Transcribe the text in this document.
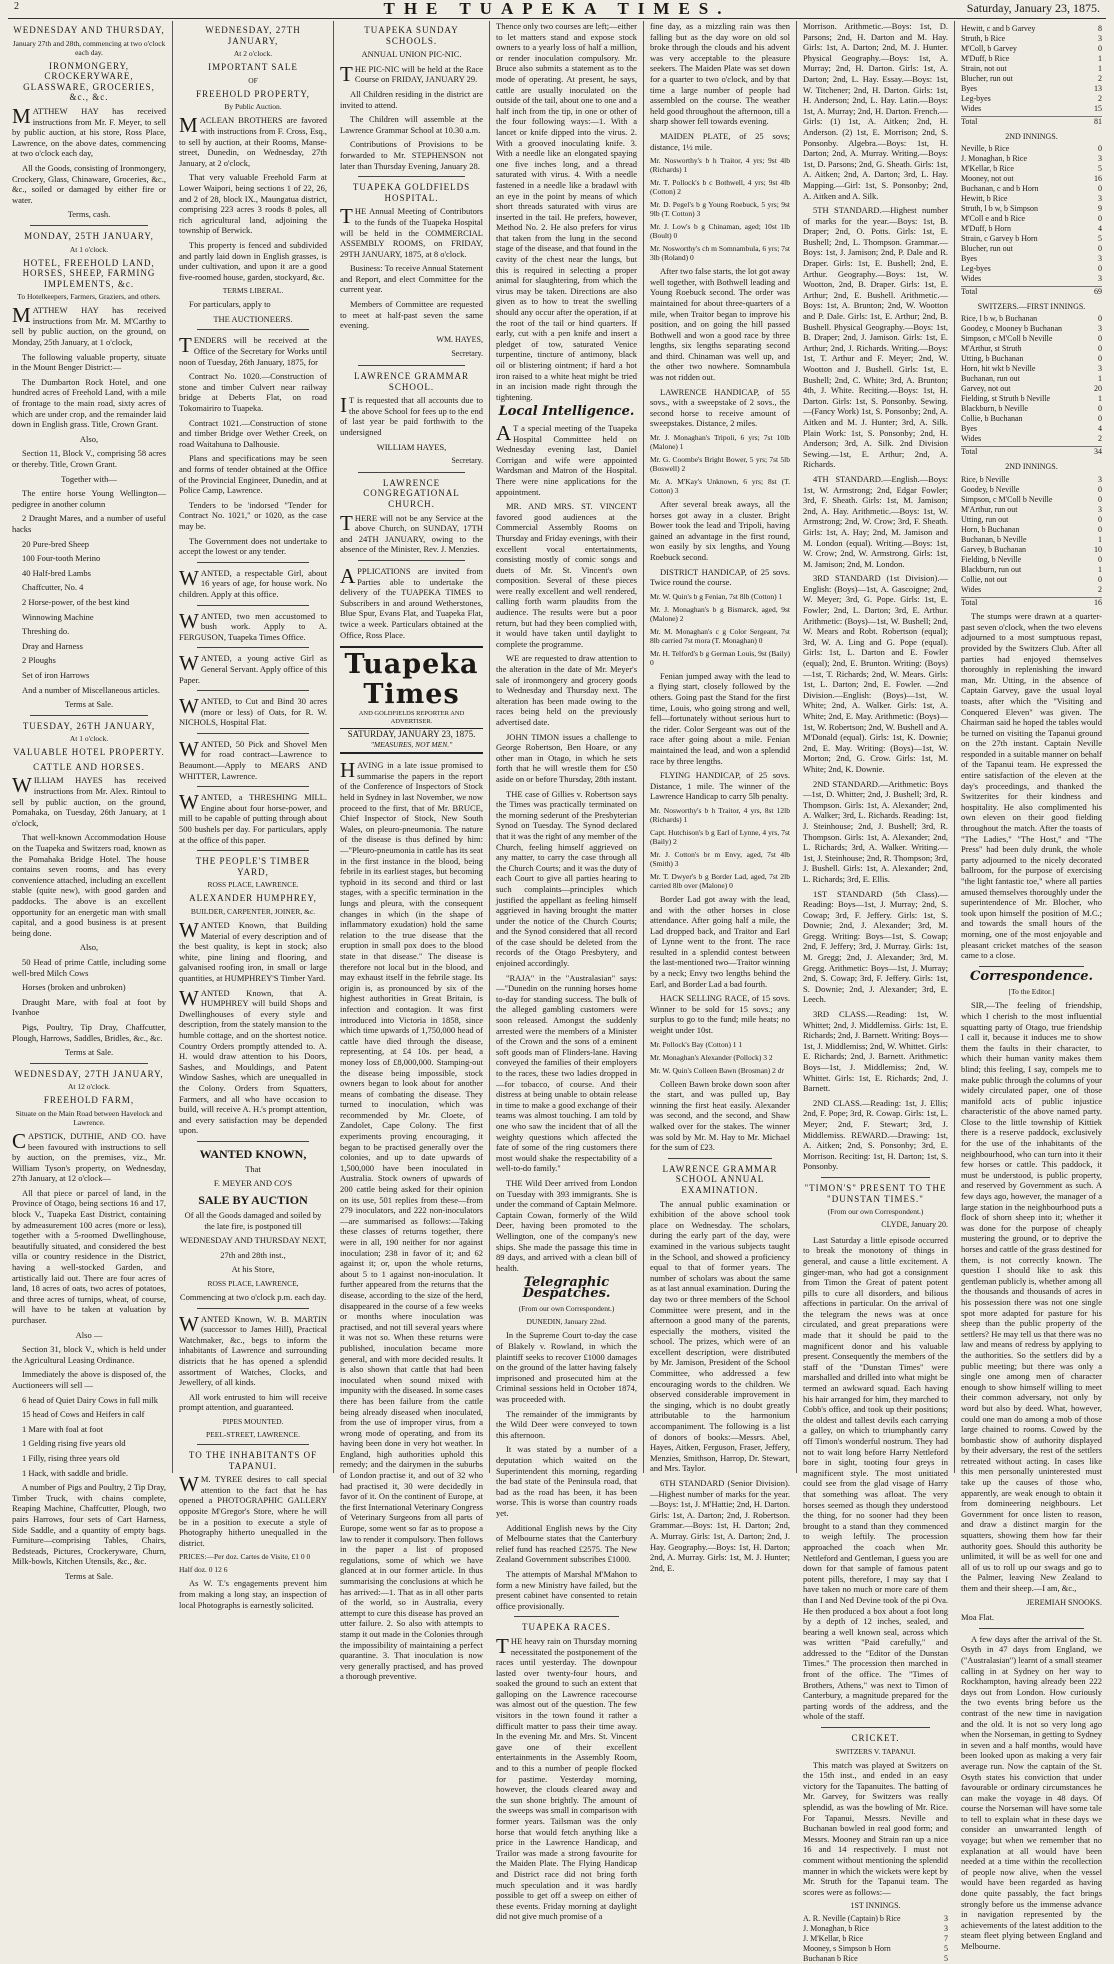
2	THE TUAPEKA TIMES.	Saturday, January 23, 1875.

WEDNESDAY AND THURSDAY,

January 27th and 28th, commencing at two o'clock each day.

IRONMONGERY, CROCKERYWARE, GLASSWARE, GROCERIES, &c., &c.

MATTHEW HAY has received instructions from Mr. F. Meyer, to sell by public auction, at his store, Ross Place, Lawrence, on the above dates, commencing at two o'clock each day,

All the Goods, consisting of Ironmongery, Crockery, Glass, Chinaware, Groceries, &c., &c., soiled or damaged by either fire or water.

Terms, cash.

MONDAY, 25TH JANUARY,

At 1 o'clock.

HOTEL, FREEHOLD LAND, HORSES, SHEEP, FARMING IMPLEMENTS, &c.

To Hotelkeepers, Farmers, Graziers, and others.

MATTHEW HAY has received instructions from Mr. M. M'Carthy to sell by public auction, on the ground, on Monday, 25th January, at 1 o'clock,

The following valuable property, situate in the Mount Benger District:—

The Dumbarton Rock Hotel, and one hundred acres of Freehold Land, with a mile of frontage to the main road, sixty acres of which are under crop, and the remainder laid down in English grass. Title, Crown Grant.

Also,

Section 11, Block V., comprising 58 acres or thereby. Title, Crown Grant.

Together with—

The entire horse Young Wellington—pedigree in another column

2 Draught Mares, and a number of useful hacks

20 Pure-bred Sheep

100 Four-tooth Merino

40 Half-bred Lambs

Chaffcutter, No. 4

2 Horse-power, of the best kind

Winnowing Machine

Threshing do.

Dray and Harness

2 Ploughs

Set of iron Harrows

And a number of Miscellaneous articles.

Terms at Sale.

TUESDAY, 26TH JANUARY,

At 1 o'clock.

VALUABLE HOTEL PROPERTY.

CATTLE AND HORSES.

WILLIAM HAYES has received instructions from Mr. Alex. Rintoul to sell by public auction, on the ground, Pomahaka, on Tuesday, 26th January, at 1 o'clock,

That well-known Accommodation House on the Tuapeka and Switzers road, known as the Pomahaka Bridge Hotel. The house contains seven rooms, and has every convenience attached, including an excellent stable (quite new), with good garden and paddocks. The above is an excellent opportunity for an energetic man with small capital, and a good business is at present being done.

Also,

50 Head of prime Cattle, including some well-bred Milch Cows

Horses (broken and unbroken)

Draught Mare, with foal at foot by Ivanhoe

Pigs, Poultry, Tip Dray, Chaffcutter, Plough, Harrows, Saddles, Bridles, &c., &c.

Terms at Sale.

WEDNESDAY, 27TH JANUARY,

At 12 o'clock.

FREEHOLD FARM,

Situate on the Main Road between Havelock and Lawrence.

CAPSTICK, DUTHIE, AND CO. have been favoured with instructions to sell by auction, on the premises, viz., Mr. William Tyson's property, on Wednesday, 27th January, at 12 o'clock—

All that piece or parcel of land, in the Province of Otago, being sections 16 and 17, block V., Tuapeka East District, containing by admeasurement 100 acres (more or less), together with a 5-roomed Dwellinghouse, beautifully situated, and considered the best villa or country residence in the District, having a well-stocked Garden, and artistically laid out. There are four acres of land, 18 acres of oats, two acres of potatoes, and three acres of turnips, wheat, of course, will have to be taken at valuation by purchaser.

Also —

Section 31, block V., which is held under the Agricultural Leasing Ordinance.

Immediately the above is disposed of, the Auctioneers will sell —

6 head of Quiet Dairy Cows in full milk

15 head of Cows and Heifers in calf

1 Mare with foal at foot

1 Gelding rising five years old

1 Filly, rising three years old

1 Hack, with saddle and bridle.

A number of Pigs and Poultry, 2 Tip Dray, Timber Truck, with chains complete, Reaping Machine, Chaffcutter, Plough, two pairs Harrows, four sets of Cart Harness, Side Saddle, and a quantity of empty bags. Furniture—comprising Tables, Chairs, Bedsteads, Pictures, Crockeryware, Churn, Milk-bowls, Kitchen Utensils, &c., &c.

Terms at Sale.

WEDNESDAY, 27TH JANUARY,

At 2 o'clock.

IMPORTANT SALE

OF

FREEHOLD PROPERTY,

By Public Auction.

MACLEAN BROTHERS are favored with instructions from F. Cross, Esq., to sell by auction, at their Rooms, Manse-street, Dunedin, on Wednesday, 27th January, at 2 o'clock,

That very valuable Freehold Farm at Lower Waipori, being sections 1 of 22, 26, and 2 of 28, block IX., Maungatua district, comprising 223 acres 3 roods 8 poles, all rich agricultural land, adjoining the township of Berwick.

This property is fenced and subdivided and partly laid down in English grasses, is under cultivation, and upon it are a good five-roomed house, garden, stockyard, &c.

TERMS LIBERAL.

For particulars, apply to

THE AUCTIONEERS.

TENDERS will be received at the Office of the Secretary for Works until noon of Tuesday, 26th January, 1875, for

Contract No. 1020.—Construction of stone and timber Culvert near railway bridge at Deberts Flat, on road Tokomairiro to Tuapeka.

Contract 1021.—Construction of stone and timber Bridge over Wether Creek, on road Waitahuna to Dalhousie.

Plans and specifications may be seen and forms of tender obtained at the Office of the Provincial Engineer, Dunedin, and at Police Camp, Lawrence.

Tenders to be 'indorsed "Tender for Contract No. 1021," or 1020, as the case may be.

The Government does not undertake to accept the lowest or any tender.

WANTED, a respectable Girl, about 16 years of age, for house work. No children. Apply at this office.

WANTED, two men accustomed to bush work. Apply to A. FERGUSON, Tuapeka Times Office.

WANTED, a young active Girl as General Servant. Apply office of this Paper.

WANTED, to Cut and Bind 30 acres (more or less) of Oats, for R. W. NICHOLS, Hospital Flat.

WANTED, 50 Pick and Shovel Men for road contract—Lawrence to Beaumont.—Apply to MEARS AND WHITTER, Lawrence.

WANTED, a THRESHING MILL. Engine about four horse-power, and mill to be capable of putting through about 500 bushels per day. For particulars, apply at the office of this paper.

THE PEOPLE'S TIMBER YARD,

ROSS PLACE, LAWRENCE.

ALEXANDER HUMPHREY,

BUILDER, CARPENTER, JOINER, &c.

WANTED Known, that Building Material of every description and of the best quality, is kept in stock; also white, pine lining and flooring, and galvanised roofing iron, in small or large quantities, at HUMPHREY'S Timber Yard.

WANTED Known, that A. HUMPHREY will build Shops and Dwellinghouses of every style and description, from the stately mansion to the humble cottage, and on the shortest notice. Country Orders promptly attended to. A. H. would draw attention to his Doors, Sashes, and Mouldings, and Patent Window Sashes, which are unequalled in the Colony. Orders from Squatters, Farmers, and all who have occasion to build, will receive A. H.'s prompt attention, and every satisfaction may be depended upon.

WANTED KNOWN,

That

F. MEYER AND CO'S

SALE BY AUCTION

Of all the Goods damaged and soiled by the late fire, is postponed till

WEDNESDAY AND THURSDAY NEXT,

27th and 28th inst.,

At his Store,

ROSS PLACE, LAWRENCE,

Commencing at two o'clock p.m. each day.

WANTED Known, W. B. MARTIN (successor to James Hill), Practical Watchmaker, &c., begs to inform the inhabitants of Lawrence and surrounding districts that he has opened a splendid assortment of Watches, Clocks, and Jewellery, of all kinds.

All work entrusted to him will receive prompt attention, and guaranteed.

PIPES MOUNTED.

PEEL-STREET, LAWRENCE.

TO THE INHABITANTS OF TAPANUI.

WM. TYREE desires to call special attention to the fact that he has opened a PHOTOGRAPHIC GALLERY opposite M'Gregor's Store, where he will be in a position to execute a style of Photography hitherto unequalled in the district.

PRICES:—Per doz. Cartes de Visite, £1 0 0

Half doz. 0 12 6

As W. T.'s engagements prevent him from making a long stay, an inspection of local Photographs is earnestly solicited.

TUAPEKA SUNDAY SCHOOLS.

ANNUAL UNION PIC-NIC.

THE PIC-NIC will be held at the Race Course on FRIDAY, JANUARY 29.

All Children residing in the district are invited to attend.

The Children will assemble at the Lawrence Grammar School at 10.30 a.m.

Contributions of Provisions to be forwarded to Mr. STEPHENSON not later than Thursday Evening, January 28.

TUAPEKA GOLDFIELDS HOSPITAL.

THE Annual Meeting of Contributors to the funds of the Tuapeka Hospital will be held in the COMMERCIAL ASSEMBLY ROOMS, on FRIDAY, 29TH JANUARY, 1875, at 8 o'clock.

Business: To receive Annual Statement and Report, and elect Committee for the current year.

Members of Committee are requested to meet at half-past seven the same evening.

WM. HAYES,

Secretary.

LAWRENCE GRAMMAR SCHOOL.

IT is requested that all accounts due to the above School for fees up to the end of last year be paid forthwith to the undersigned

WILLIAM HAYES,

Secretary.

LAWRENCE CONGREGATIONAL CHURCH.

THERE will not be any Service at the above Church, on SUNDAY, 17TH and 24TH JANUARY, owing to the absence of the Minister, Rev. J. Menzies.

APPLICATIONS are invited from Parties able to undertake the delivery of the TUAPEKA TIMES to Subscribers in and around Wetherstones, Blue Spur, Evans Flat, and Tuapeka Flat, twice a week. Particulars obtained at the Office, Ross Place.

Tuapeka Times
AND GOLDFIELDS REPORTER AND ADVERTISER.
SATURDAY, JANUARY 23, 1875.
"MEASURES, NOT MEN."

HAVING in a late issue promised to summarise the papers in the report of the Conference of Inspectors of Stock held in Sydney in last November, we now proceed to the first, that of Mr. BRUCE, Chief Inspector of Stock, New South Wales, on pleuro-pneumonia. The nature of the disease is thus defined by him:—"Pleuro-pneumonia in cattle has its seat in the first instance in the blood, being febrile in its earliest stages, but becoming typhoid in its second and third or last stages, with a specific termination in the lungs and pleura, with the consequent changes in which (in the shape of inflammatory exudation) hold the same relation to the true disease that the eruption in small pox does to the blood state in that disease." The disease is therefore not local but in the blood, and may exhaust itself in the febrile stage. Its origin is, as pronounced by six of the highest authorities in Great Britain, is infection and contagion. It was first introduced into Victoria in 1858, since which time upwards of 1,750,000 head of cattle have died through the disease, representing, at £4 10s. per head, a money loss of £8,000,000. Stamping-out the disease being impossible, stock owners began to look about for another means of combating the disease. They turned to inoculation, which was recommended by Mr. Cloete, of Zandolet, Cape Colony. The first experiments proving encouraging, it began to be practised generally over the colonies, and up to date upwards of 1,500,000 have been inoculated in Australia. Stock owners of upwards of 200 cattle being asked for their opinion on its use, 501 replies from these—from 279 inoculators, and 222 non-inoculators—are summarised as follows:—Taking these classes of returns together, there were in all, 190 neither for nor against inoculation; 238 in favor of it; and 62 against it; or, upon the whole returns, about 5 to 1 against non-inoculation. It further appeared from the returns that the disease, according to the size of the herd, disappeared in the course of a few weeks or months where inoculation was practised, and not till several years where it was not so. When these returns were published, inoculation became more general, and with more decided results. It is also shown that cattle that had been inoculated when sound mixed with impunity with the diseased. In some cases there has been failure from the cattle being already diseased when inoculated, from the use of improper virus, from a wrong mode of operating, and from its having been done in very hot weather. In England, high authorities uphold this remedy; and the dairymen in the suburbs of London practise it, and out of 32 who had practised it, 30 were decidedly in favor of it. On the continent of Europe, at the first International Veterinary Congress of Veterinary Surgeons from all parts of Europe, some went so far as to propose a law to render it compulsory. Then follows in the paper a list of proposed regulations, some of which we have glanced at in our former article. In thus summarising the conclusions at which he has arrived:—1. That as in all other parts of the world, so in Australia, every attempt to cure this disease has proved an utter failure. 2. So also with attempts to stamp it out made in the Colonies through the impossibility of maintaining a perfect quarantine. 3. That inoculation is now very generally practised, and has proved a thorough preventive.

Thence only two courses are left;—either to let matters stand and expose stock owners to a yearly loss of half a million, or render inoculation compulsory. Mr. Bruce also submits a statement as to the mode of operating. At present, he says, cattle are usually inoculated on the outside of the tail, about one to one and a half inch from the tip, in one or other of the four following ways:—1. With a lancet or knife dipped into the virus. 2. With a grooved inoculating knife. 3. With a needle like an elongated spaying one five inches long, and a thread saturated with virus. 4. With a needle fastened in a needle like a bradawl with an eye in the point by means of which short threads saturated with virus are inserted in the tail. He prefers, however, Method No. 2. He also prefers for virus that taken from the lung in the second stage of the disease, and that found in the cavity of the chest near the lungs, but this is required in selecting a proper animal for slaughtering, from which the virus may be taken. Directions are also given as to how to treat the swelling should any occur after the operation, if at the root of the tail or hind quarters. If early, cut with a pen knife and insert a pledget of tow, saturated Venice turpentine, tincture of antimony, black oil or blistering ointment; if hard a hot iron raised to a white heat might be tried in an incision made right through the tightening.

Local Intelligence.

AT a special meeting of the Tuapeka Hospital Committee held on Wednesday evening last, Daniel Corrigan and wife were appointed Wardsman and Matron of the Hospital. There were nine applications for the appointment.

MR. AND MRS. ST. VINCENT favored good audiences at the Commercial Assembly Rooms on Thursday and Friday evenings, with their excellent vocal entertainments, consisting mostly of comic songs and duets of Mr. St. Vincent's own composition. Several of these pieces were really excellent and well rendered, calling forth warm plaudits from the audience. The results were but a poor return, but had they been complied with, it would have taken until daylight to complete the programme.

WE are requested to draw attention to the alteration in the date of Mr. Meyer's sale of ironmongery and grocery goods to Wednesday and Thursday next. The alteration has been made owing to the races being held on the previously advertised date.

JOHN TIMON issues a challenge to George Robertson, Ben Hoare, or any other man in Otago, in which he sets forth that he will wrestle them for £50 aside on or before Thursday, 28th instant.

THE case of Gillies v. Robertson says the Times was practically terminated on the morning sederunt of the Presbyterian Synod on Tuesday. The Synod declared that it was the right of any member of the Church, feeling himself aggrieved on any matter, to carry the case through all the Church Courts; and it was the duty of each Court to give all parties hearing to such complaints—principles which justified the appellant as feeling himself aggrieved in having brought the matter under the notice of the Church Courts; and the Synod considered that all record of the case should be deleted from the records of the Otago Presbytery, and enjoined accordingly.

"RAJA" in the "Australasian" says:—"Dunedin on the running horses home to-day for standing success. The bulk of the alleged gambling customers were soon released. Amongst the suddenly arrested were the members of a Minister of the Crown and the sons of a eminent soft goods man of Flinders-lane. Having conveyed the families of their employers to the races, these two ladies dropped in—for tobacco, of course. And their distress at being unable to obtain release in time to make a good exchange of their teams was almost touching. I am told by one who saw the incident that of all the weighty questions which affected the fate of some of the ring customers there most would shake the respectability of a well-to-do family."

THE Wild Deer arrived from London on Tuesday with 393 immigrants. She is under the command of Captain Melmore. Captain Cowan, formerly of the Wild Deer, having been promoted to the Wellington, one of the company's new ships. She made the passage this time in 89 days, and arrived with a clean bill of health.

Telegraphic Despatches.

(From our own Correspondent.)

DUNEDIN, January 22nd.

In the Supreme Court to-day the case of Blakely v. Rowland, in which the plaintiff seeks to recover £1000 damages on the ground of the latter having falsely imprisoned and prosecuted him at the Criminal sessions held in October 1874, was proceeded with.

The remainder of the immigrants by the Wild Deer were conveyed to town this afternoon.

It was stated by a number of a deputation which waited on the Superintendent this morning, regarding the bad state of the Peninsula road, that bad as the road has been, it has been worse. This is worse than country roads yet.

Additional English news by the City of Melbourne states that the Canterbury relief fund has reached £2575. The New Zealand Government subscribes £1000.

The attempts of Marshal M'Mahon to form a new Ministry have failed, but the present cabinet have consented to retain office provisionally.

TUAPEKA RACES.

THE heavy rain on Thursday morning necessitated the postponement of the races until yesterday. The downpour lasted over twenty-four hours, and soaked the ground to such an extent that galloping on the Lawrence racecourse was almost out of the question. The few visitors in the town found it rather a difficult matter to pass their time away. In the evening Mr. and Mrs. St. Vincent gave one of their excellent entertainments in the Assembly Room, and to this a number of people flocked for pastime. Yesterday morning, however, the clouds cleared away and the sun shone brightly. The amount of the sweeps was small in comparison with former years. Tailsman was the only horse that would fetch anything like a price in the Lawrence Handicap, and Trailor was made a strong favourite for the Maiden Plate. The Flying Handicap and District race did not bring forth much speculation and it was hardly possible to get off a sweep on either of these events. Friday morning at daylight did not give much promise of a

fine day, as a mizzling rain was then falling but as the day wore on old sol broke through the clouds and his advent was very acceptable to the pleasure seekers. The Maiden Plate was set down for a quarter to two o'clock, and by that time a large number of people had assembled on the course. The weather held good throughout the afternoon, till a sharp shower fell towards evening.

MAIDEN PLATE, of 25 sovs; distance, 1½ mile.

Mr. Nosworthy's b h Traitor, 4 yrs; 9st 4lb (Richards) 1

Mr. T. Pollock's b c Bothwell, 4 yrs; 9st 4lb (Cotton) 2

Mr. D. Pegel's b g Young Roebuck, 5 yrs; 9st 9lb (T. Cotton) 3

Mr. J. Low's b g Chinaman, aged; 10st 1lb (Boult) 0

Mr. Nosworthy's ch m Somnambula, 6 yrs; 7st 3lb (Roland) 0

After two false starts, the lot got away well together, with Bothwell leading and Young Roebuck second. The order was maintained for about three-quarters of a mile, when Traitor began to improve his position, and on going the hill passed Bothwell and won a good race by three lengths, six lengths separating second and third. Chinaman was well up, and the other two nowhere. Somnambula was not ridden out.

LAWRENCE HANDICAP, of 55 sovs., with a sweepstake of 2 sovs., the second horse to receive amount of sweepstakes. Distance, 2 miles.

Mr. J. Monaghan's Tripoli, 6 yrs; 7st 10lb (Malone) 1

Mr. G. Coombe's Bright Bower, 5 yrs; 7st 5lb (Boswell) 2

Mr. A. M'Kay's Unknown, 6 yrs; 8st (T. Cotton) 3

After several break aways, all the horses got away in a cluster. Bright Bower took the lead and Tripoli, having gained an advantage in the first round, won easily by six lengths, and Young Roebuck second.

DISTRICT HANDICAP, of 25 sovs. Twice round the course.

Mr. W. Quin's b g Fenian, 7st 8lb (Cotton) 1

Mr. J. Monaghan's b g Bismarck, aged, 9st (Malone) 2

Mr. M. Monaghan's c g Color Sergeant, 7st 8lb carried 7st mora (T. Monaghan) 0

Mr. H. Telford's b g German Louis, 9st (Baily) 0

Fenian jumped away with the lead to a flying start, closely followed by the others. Going past the Stand for the first time, Louis, who going strong and well, fell—fortunately without serious hurt to the rider. Color Sergeant was out of the race after going about a mile. Fenian maintained the lead, and won a splendid race by three lengths.

FLYING HANDICAP, of 25 sovs. Distance, 1 mile. The winner of the Lawrence Handicap to carry 5lb penalty.

Mr. Nosworthy's b h Traitor, 4 yrs, 8st 12lb (Richards) 1

Capt. Hutchison's b g Earl of Lynne, 4 yrs, 7st (Baily) 2

Mr. J. Cotton's br m Envy, aged, 7st 4lb (Smith) 3

Mr. T. Dwyer's b g Border Lad, aged, 7st 2lb carried 8lb over (Malone) 0

Border Lad got away with the lead, and with the other horses in close attendance. After going half a mile, the Lad dropped back, and Traitor and Earl of Lynne went to the front. The race resulted in a splendid contest between the last-mentioned two—Traitor winning by a neck; Envy two lengths behind the Earl, and Border Lad a bad fourth.

HACK SELLING RACE, of 15 sovs. Winner to be sold for 15 sovs.; any surplus to go to the fund; mile heats; no weight under 10st.

Mr. Pollock's Bay (Cotton) 1 1

Mr. Monaghan's Alexander (Pollock) 3 2

Mr. W. Quin's Colleen Bawn (Brosman) 2 dr

Colleen Bawn broke down soon after the start, and was pulled up, Bay winning the first heat easily. Alexander was second, and the second, and Shaw walked over for the stakes. The winner was sold by Mr. M. Hay to Mr. Michael for the sum of £23.

LAWRENCE GRAMMAR SCHOOL ANNUAL EXAMINATION.

The annual public examination or exhibition of the above school took place on Wednesday. The scholars, during the early part of the day, were examined in the various subjects taught in the School, and showed a proficiency equal to that of former years. The number of scholars was about the same as at last annual examination. During the day two or three members of the School Committee were present, and in the afternoon a good many of the parents, especially the mothers, visited the school. The prizes, which were of an excellent description, were distributed by Mr. Jamison, President of the School Committee, who addressed a few encouraging words to the children. We observed considerable improvement in the singing, which is no doubt greatly attributable to the harmonium accompaniment. The following is a list of donors of books:—Messrs. Abel, Hayes, Aitken, Ferguson, Fraser, Jeffery, Menzies, Smithson, Harrop, Dr. Stewart, and Mrs. Taylor.

6TH STANDARD (Senior Division).—Highest number of marks for the year.—Boys: 1st, J. M'Hattie; 2nd, H. Darton. Girls: 1st, A. Darton; 2nd, J. Robertson. Grammar.—Boys: 1st, H. Darton; 2nd, A. Murray. Girls: 1st, A. Darton; 2nd, J. Hay. Geography.—Boys: 1st, H. Darton; 2nd, A. Murray. Girls: 1st, M. J. Hunter; 2nd, E.

Morrison. Arithmetic.—Boys: 1st, D. Parsons; 2nd, H. Darton and M. Hay. Girls: 1st, A. Darton; 2nd, M. J. Hunter. Physical Geography.—Boys: 1st, A. Murray; 2nd, H. Darton. Girls: 1st, A. Darton; 2nd, L. Hay. Essay.—Boys: 1st, W. Titchener; 2nd, H. Darton. Girls: 1st, H. Anderson; 2nd, L. Hay. Latin.—Boys: 1st, A. Murray; 2nd, H. Darton. French.—Girls: (1) 1st, A. Aitken; 2nd, H. Anderson. (2) 1st, E. Morrison; 2nd, S. Ponsonby. Algebra.—Boys: 1st, H. Darton; 2nd, A. Murray. Writing.—Boys: 1st, D. Parsons; 2nd, G. Sheath. Girls: 1st, A. Aitken; 2nd, A. Darton; 3rd, L. Hay. Mapping.—Girl: 1st, S. Ponsonby; 2nd, A. Aitken and A. Silk.

5TH STANDARD.—Highest number of marks for the year.—Boys: 1st, B. Draper; 2nd, O. Potts. Girls: 1st, E. Bushell; 2nd, L. Thompson. Grammar.—Boys: 1st, J. Jamison; 2nd, P. Dale and R. Draper. Girls: 1st, E. Bushell; 2nd, E. Arthur. Geography.—Boys: 1st, W. Wootton, 2nd, B. Draper. Girls: 1st, E. Arthur; 2nd, E. Bushell. Arithmetic.—Boys: 1st, A. Brunton; 2nd, W. Wootton and P. Dale. Girls: 1st, E. Arthur; 2nd, B. Bushell. Physical Geography.—Boys: 1st, B. Draper; 2nd, J. Jamison. Girls: 1st, E. Arthur; 2nd, J. Richards. Writing.—Boys: 1st, T. Arthur and F. Meyer; 2nd, W. Wootton and J. Bushell. Girls: 1st, E. Bushell; 2nd, C. White; 3rd, A. Brunton; 4th, J. White. Reciting.—Boys: 1st, H. Darton. Girls: 1st, S. Ponsonby. Sewing.—(Fancy Work) 1st, S. Ponsonby; 2nd, A. Aitken and M. J. Hunter; 3rd, A. Silk. Plain Work: 1st, S. Ponsonby; 2nd, H. Anderson; 3rd, A. Silk. 2nd Division Sewing.—1st, E. Arthur; 2nd, A. Richards.

4TH STANDARD.—English.—Boys: 1st, W. Armstrong; 2nd, Edgar Fowler; 3rd, F. Sheath. Girls: 1st, M. Jamison; 2nd, A. Hay. Arithmetic.—Boys: 1st, W. Armstrong; 2nd, W. Crow; 3rd, F. Sheath. Girls: 1st, A. Hay; 2nd, M. Jamison and M. London (equal). Writing.—Boys: 1st, W. Crow; 2nd, W. Armstrong. Girls: 1st, M. Jamison; 2nd, M. London.

3RD STANDARD (1st Division).—English: (Boys)—1st, A. Gascoigne; 2nd, W. Meyer; 3rd, G. Pope. Girls: 1st, E. Fowler; 2nd, L. Darton; 3rd, E. Arthur. Arithmetic: (Boys)—1st, W. Bushell; 2nd, W. Mears and Robt. Robertson (equal); 3rd, W. A. Ling and G. Pope (equal). Girls: 1st, L. Darton and E. Fowler (equal); 2nd, E. Brunton. Writing: (Boys)—1st, T. Richards; 2nd, W. Mears. Girls: 1st, L. Darton; 2nd, E. Fowler. —2nd Division.—English: (Boys)—1st, W. White; 2nd, A. Walker. Girls: 1st, A. White; 2nd, E. May. Arithmetic: (Boys)—1st, W. Robertson; 2nd, W. Bushell and A. M'Donald (equal). Girls: 1st, K. Downie; 2nd, E. May. Writing: (Boys)—1st, W. Morton; 2nd, G. Crow. Girls: 1st, M. White; 2nd, K. Downie.

2ND STANDARD.—Arithmetic: Boys—1st, D. Whitter; 2nd, J. Bushell; 3rd, R. Thompson. Girls: 1st, A. Alexander; 2nd, A. Walker; 3rd, L. Richards. Reading: 1st, J. Steinhouse; 2nd, J. Bushell; 3rd, R. Thompson. Girls: 1st, A. Alexander; 2nd, L. Richards; 3rd, A. Walker. Writing.—1st, J. Steinhouse; 2nd, R. Thompson; 3rd, J. Bushell. Girls: 1st, A. Alexander; 2nd, L. Richards; 3rd, E. Ellis.

1ST STANDARD (5th Class).—Reading: Boys—1st, J. Murray; 2nd, S. Cowap; 3rd, F. Jeffery. Girls: 1st, S. Downie; 2nd, J. Alexander; 3rd, M. Gregg. Writing: Boys—1st, S. Cowap; 2nd, F. Jeffery; 3rd, J. Murray. Girls: 1st, M. Gregg; 2nd, J. Alexander; 3rd, M. Gregg. Arithmetic: Boys—1st, J. Murray; 2nd, S. Cowap; 3rd, F. Jeffery. Girls: 1st, S. Downie; 2nd, J. Alexander; 3rd, E. Leech.

3RD CLASS.—Reading: 1st, W. Whittet; 2nd, J. Middlemiss. Girls: 1st, E. Richards; 2nd, J. Barnett. Writing: Boys—1st, J. Middlemiss; 2nd, W. Whittet. Girls: E. Richards; 2nd, J. Barnett. Arithmetic: Boys—1st, J. Middlemiss; 2nd, W. Whittet. Girls: 1st, E. Richards; 2nd, J. Barnett.

2ND CLASS.—Reading: 1st, J. Ellis; 2nd, F. Pope; 3rd, R. Cowap. Girls: 1st, L. Meyer; 2nd, F. Stewart; 3rd, J. Middlemiss. REWARD.—Drawing: 1st, A. Aitken; 2nd, S. Ponsonby; 3rd, E. Morrison. Reciting: 1st, H. Darton; 1st, S. Ponsonby.

"TIMON'S" PRESENT TO THE "DUNSTAN TIMES."

(From our own Correspondent.)

CLYDE, January 20.

Last Saturday a little episode occurred to break the monotony of things in general, and cause a little excitement. A ginger-man, who had got a consignment from Timon the Great of patent potent pills to cure all disorders, and bilious affections in particular. On the arrival of the telegram the news was at once circulated, and great preparations were made that it should be paid to the magnificent donor and his valuable present. Consequently the members of the staff of the "Dunstan Times" were marshalled and drilled into what might be termed an awkward squad. Each having his hair arranged for him, they marched to Cobb's office, and took up their positions; the oldest and tallest devils each carrying a galley, on which to triumphantly carry off Timon's wonderful nostrum. They had not to wait long before Harry Nettleford bore in sight, tooting four greys in magnificent style. The most unitiated could see from the glad visage of Harry that something was afloat. The very horses seemed as though they understood the thing, for no sooner had they been brought to a stand than they commenced to weigh leftily. The procession approached the coach when Mr. Nettleford and Gentleman, I guess you are down for that sample of famous patent potent pills, therefore, I may say that I have taken no much or more care of them than I and Ned Devine took of the pi Ova. He then produced a box about a foot long by a depth of 12 inches, sealed, and bearing a well known seal, across which was written "Paid carefully," and addressed to the "Editor of the Dunstan Times." The procession then marched in front of the office. The "Times of Brothers, Athens," was next to Timon of Canterbury, a magnitude prepared for the parting words of the address, and the whole of the staff.

CRICKET.

SWITZERS V. TAPANUI.

This match was played at Switzers on the 15th inst., and ended in an easy victory for the Tapanuites. The batting of Mr. Garvey, for Switzers was really splendid, as was the bowling of Mr. Rice. For Tapanui, Messrs. Neville and Buchanan bowled in real good form; and Messrs. Mooney and Strain ran up a nice 16 and 14 respectively. I must not comment without mentioning the splendid manner in which the wickets were kept by Mr. Struth for the Tapanui team. The scores were as follows:—

1ST INNINGS.
A. R. Neville (Captain) b Rice	3
J. Monaghan, b Rice	3
J. M'Kellar, b Rice	7
Mooney, s Simpson b Horn	5
Buchanan b Rice	5
Hewitt, c and b Garvey	8
Struth, b Rice	3
M'Coll, b Garvey	0
M'Duff, b Rice	1
Strain, not out	1
Blucher, run out	2
Byes	13
Leg-byes	2
Wides	15
Total	81
2ND INNINGS.
Neville, b Rice	0
J. Monaghan, b Rice	3
M'Kellar, b Rice	5
Mooney, not out	16
Buchanan, c and b Horn	0
Hewitt, b Rice	3
Struth, l b w, b Simpson	9
M'Coll e and b Rice	0
M'Duff, b Horn	4
Strain, c Garvey b Horn	5
Blucher, run out	0
Byes	3
Leg-byes	0
Wides	3
Total	69
SWITZERS.—FIRST INNINGS.
Rice, l b w, b Buchanan	0
Goodey, c Mooney b Buchanan	3
Simpson, c M'Coll b Neville	0
M'Arthur, st Struth	0
Utting, b Buchanan	0
Horn, hit wkt b Neville	3
Buchanan, run out	1
Garvey, not out	20
Fielding, st Struth b Neville	1
Blackburn, b Neville	0
Collie, b Buchanan	0
Byes	4
Wides	2
Total	34
2ND INNINGS.
Rice, b Neville	3
Goodey, b Neville	0
Simpson, c M'Coll b Neville	0
M'Arthur, run out	3
Utting, run out	0
Horn, b Buchanan	0
Buchanan, b Neville	1
Garvey, b Buchanan	10
Fielding, b Neville	0
Blackburn, run out	1
Collie, not out	0
Wides	2
Total	16

The stumps were drawn at a quarter-past seven o'clock, when the two elevens adjourned to a most sumptuous repast, provided by the Switzers Club. After all parties had enjoyed themselves thoroughly in replenishing the inward man, Mr. Utting, in the absence of Captain Garvey, gave the usual loyal toasts, after which the "Visiting and Conquered Eleven" was given. The Chairman said he hoped the tables would be turned on visiting the Tapanui ground on the 27th instant. Captain Neville responded in a suitable manner on behalf of the Tapanui team. He expressed the entire satisfaction of the eleven at the day's proceedings, and thanked the Switzerites for their kindness and hospitality. He also complimented his own eleven on their good fielding throughout the match. After the toasts of "The Ladies," "The Host," and "The Press" had been duly drunk, the whole party adjourned to the nicely decorated ballroom, for the purpose of exercising "the light fantastic toe," where all parties amused themselves thoroughly under the superintendence of Mr. Blocher, who took upon himself the position of M.C.; and towards the small hours of the morning, one of the most enjoyable and pleasant cricket matches of the season came to a close.

Correspondence.

[To the Editor.]

SIR,—The feeling of friendship, which I cherish to the most influential squatting party of Otago, true friendship I call it, because it induces me to show them the faults in their character, to which their human vanity makes them blind; this feeling, I say, compels me to make public through the columns of your widely circulated paper, one of those manifold acts of public injustice characteristic of the above named party. Close to the little township of Kittiek there is a reserve paddock, exclusively for the use of the inhabitants of the neighbourhood, who can turn into it their few horses or cattle. This paddock, it must be understood, is public property, and reserved by Government as such. A few days ago, however, the manager of a large station in the neighbourhood puts a flock of shorn sheep into it; whether it was done for the purpose of cheaply mustering the ground, or to deprive the horses and cattle of the grass destined for them, is not correctly known. The question I should like to ask this gentleman publicly is, whether among all the thousands and thousands of acres in his possession there was not one single spot more adapted for pasture for his sheep than the public property of the settlers? He may tell us that there was no law and means of redress by applying to the authorities. So the settlers did by a public meeting; but there was only a single one among men of character enough to show himself willing to meet their common adversary, not only by word but also by deed. What, however, could one man do among a mob of those large chained to rooms. Cowed by the bombastic show of authority displayed by their adversary, the rest of the settlers retreated without acting. In cases like this men personally uninterested must take up the causes of those who, apparently, are weak enough to obtain it from domineering neighbours. Let Government for once listen to reason, and draw a distinct margin for the squatters, showing them how far their authority goes. Should this authority be unlimited, it will be as well for one and all of us to roll up our swags and go to the Palmer, leaving New Zealand to them and their sheep.—I am, &c.,

JEREMIAH SNOOKS.

Moa Flat.

A few days after the arrival of the St. Osyth in 47 days from England, we ("Australasian") learnt of a small steamer calling in at Sydney on her way to Rockhampton, having already been 222 days out from London. How curiously the two events bring before us the contrast of the new time in navigation and the old. It is not so very long ago when the Norseman, in getting to Sydney in seven and a half months, would have been looked upon as making a very fair average run. Now the captain of the St. Osyth states his conviction that under favourable or ordinary circumstances he can make the voyage in 48 days. Of course the Norseman will have some tale to tell to explain what in these days we consider an unwarranted length of voyage; but when we remember that no explanation at all would have been needed at a time within the recollection of people now alive, when the vessel would have been regarded as having done quite passably, the fact brings strongly before us the immense advance in navigation represented by the achievements of the latest addition to the steam fleet plying between England and Melbourne.
